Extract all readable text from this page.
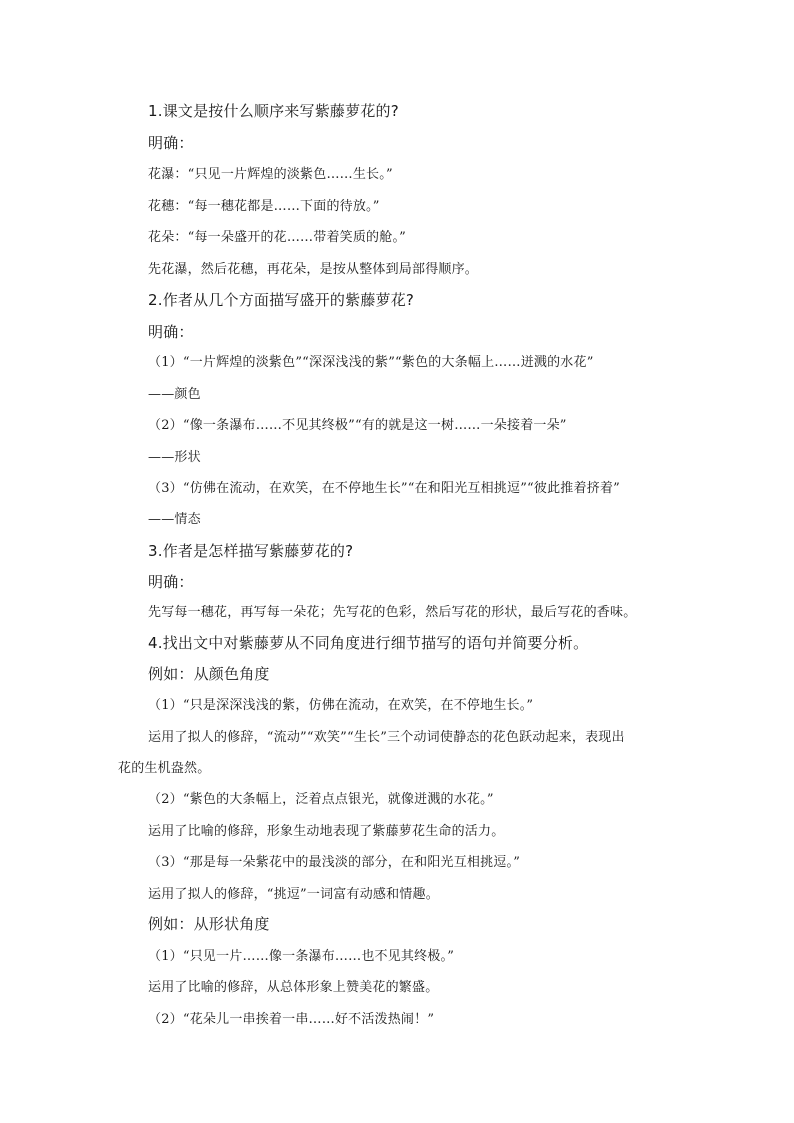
1.课文是按什么顺序来写紫藤萝花的?
明确：
花瀑：“只见一片辉煌的淡紫色……生长。”
花穗：“每一穗花都是……下面的待放。”
花朵：“每一朵盛开的花……带着笑质的舱。”
先花瀑，然后花穗，再花朵，是按从整体到局部得顺序。
2.作者从几个方面描写盛开的紫藤萝花?
明确：
（1）“一片辉煌的淡紫色”“深深浅浅的紫”“紫色的大条幅上……迸溅的水花”
——颜色
（2）“像一条瀑布……不见其终极”“有的就是这一树……一朵接着一朵”
——形状
（3）“仿佛在流动，在欢笑，在不停地生长”“在和阳光互相挑逗”“彼此推着挤着”
——情态
3.作者是怎样描写紫藤萝花的?
明确：
先写每一穗花，再写每一朵花；先写花的色彩，然后写花的形状，最后写花的香味。
4.找出文中对紫藤萝从不同角度进行细节描写的语句并简要分析。
例如：从颜色角度
（1）“只是深深浅浅的紫，仿佛在流动，在欢笑，在不停地生长。”
运用了拟人的修辞，“流动”“欢笑”“生长”三个动词使静态的花色跃动起来，表现出
花的生机盎然。
（2）“紫色的大条幅上，泛着点点银光，就像迸溅的水花。”
运用了比喻的修辞，形象生动地表现了紫藤萝花生命的活力。
（3）“那是每一朵紫花中的最浅淡的部分，在和阳光互相挑逗。”
运用了拟人的修辞，“挑逗”一词富有动感和情趣。
例如：从形状角度
（1）“只见一片……像一条瀑布……也不见其终极。”
运用了比喻的修辞，从总体形象上赞美花的繁盛。
（2）“花朵儿一串挨着一串……好不活泼热闹！”
